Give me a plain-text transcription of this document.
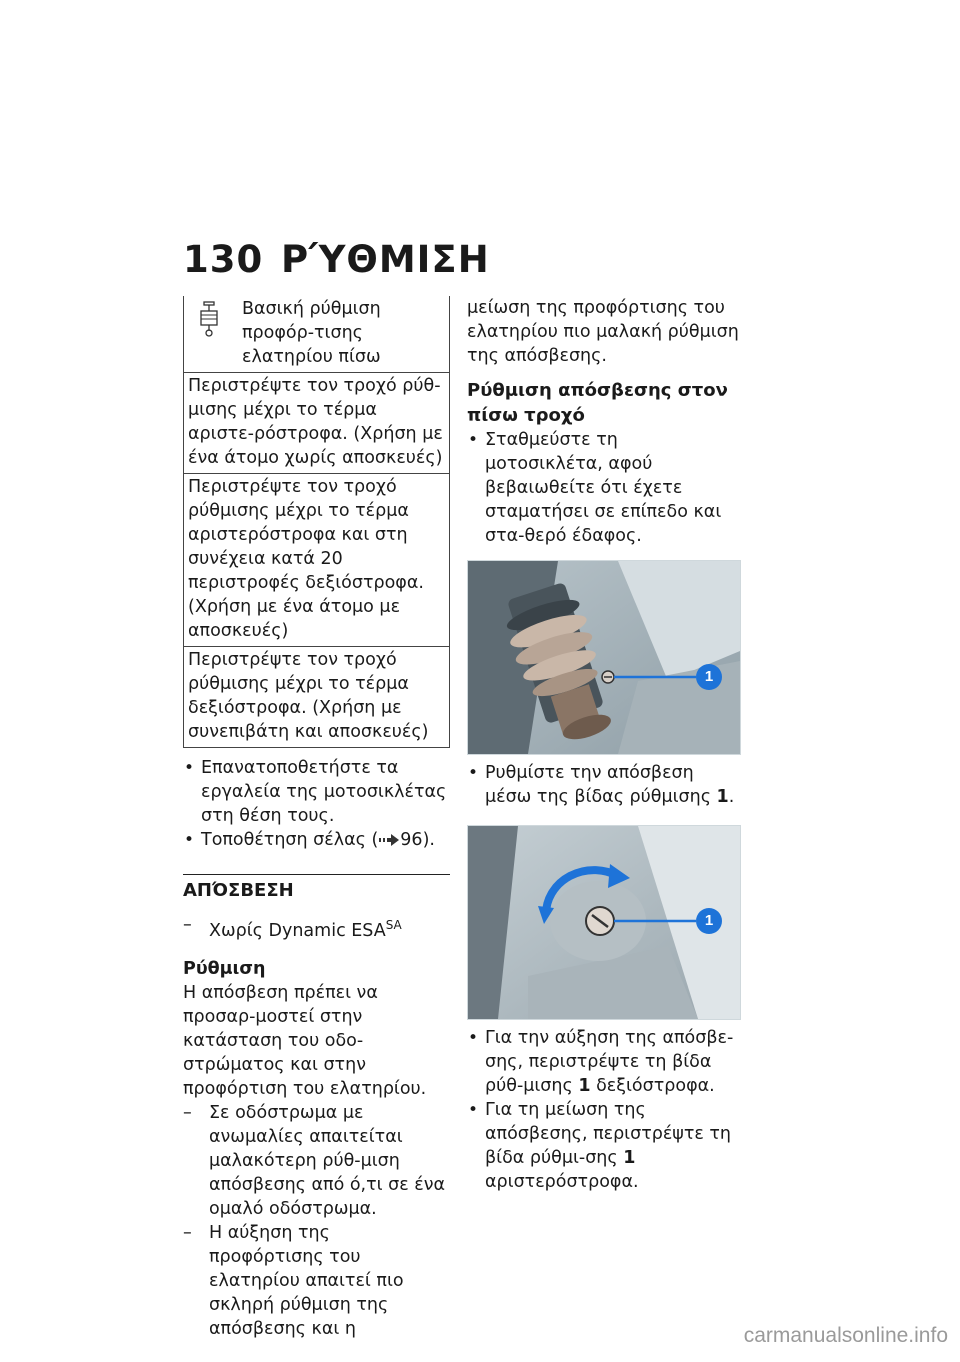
130 ΡΎΘΜΙΣΗ
Βασική ρύθμιση προφόρ-τισης ελατηρίου πίσω
Περιστρέψτε τον τροχό ρύθ-μισης μέχρι το τέρμα αριστε-ρόστροφα. (Χρήση με ένα άτομο χωρίς αποσκευές)
Περιστρέψτε τον τροχό ρύθμισης μέχρι το τέρμα αριστερόστροφα και στη συνέχεια κατά 20 περιστροφές δεξιόστροφα. (Χρήση με ένα άτομο με αποσκευές)
Περιστρέψτε τον τροχό ρύθμισης μέχρι το τέρμα δεξιόστροφα. (Χρήση με συνεπιβάτη και αποσκευές)
• Επανατοποθετήστε τα εργαλεία της μοτοσικλέτας στη θέση τους.
• Τοποθέτηση σέλας ( 96).
ΑΠΌΣΒΕΣΗ
– Χωρίς Dynamic $ESA^{SA}$
Ρύθμιση
Η απόσβεση πρέπει να προσαρ-μοστεί στην κατάσταση του οδο-στρώματος και στην προφόρτιση του ελατηρίου.
– Σε οδόστρωμα με ανωμαλίες απαιτείται μαλακότερη ρύθ-μιση απόσβεσης από ό,τι σε ένα ομαλό οδόστρωμα.
– Η αύξηση της προφόρτισης του ελατηρίου απαιτεί πιο σκληρή ρύθμιση της απόσβεσης και η
μείωση της προφόρτισης του ελατηρίου πιο μαλακή ρύθμιση της απόσβεσης.
Ρύθμιση απόσβεσης στον πίσω τροχό
• Σταθμεύστε τη μοτοσικλέτα, αφού βεβαιωθείτε ότι έχετε σταματήσει σε επίπεδο και στα-θερό έδαφος.
1
• Ρυθμίστε την απόσβεση μέσω της βίδας ρύθμισης 1.
1
• Για την αύξηση της απόσβε-σης, περιστρέψτε τη βίδα ρύθ-μισης 1 δεξιόστροφα.
• Για τη μείωση της απόσβεσης, περιστρέψτε τη βίδα ρύθμι-σης 1 αριστερόστροφα.
carmanualsonline.info
